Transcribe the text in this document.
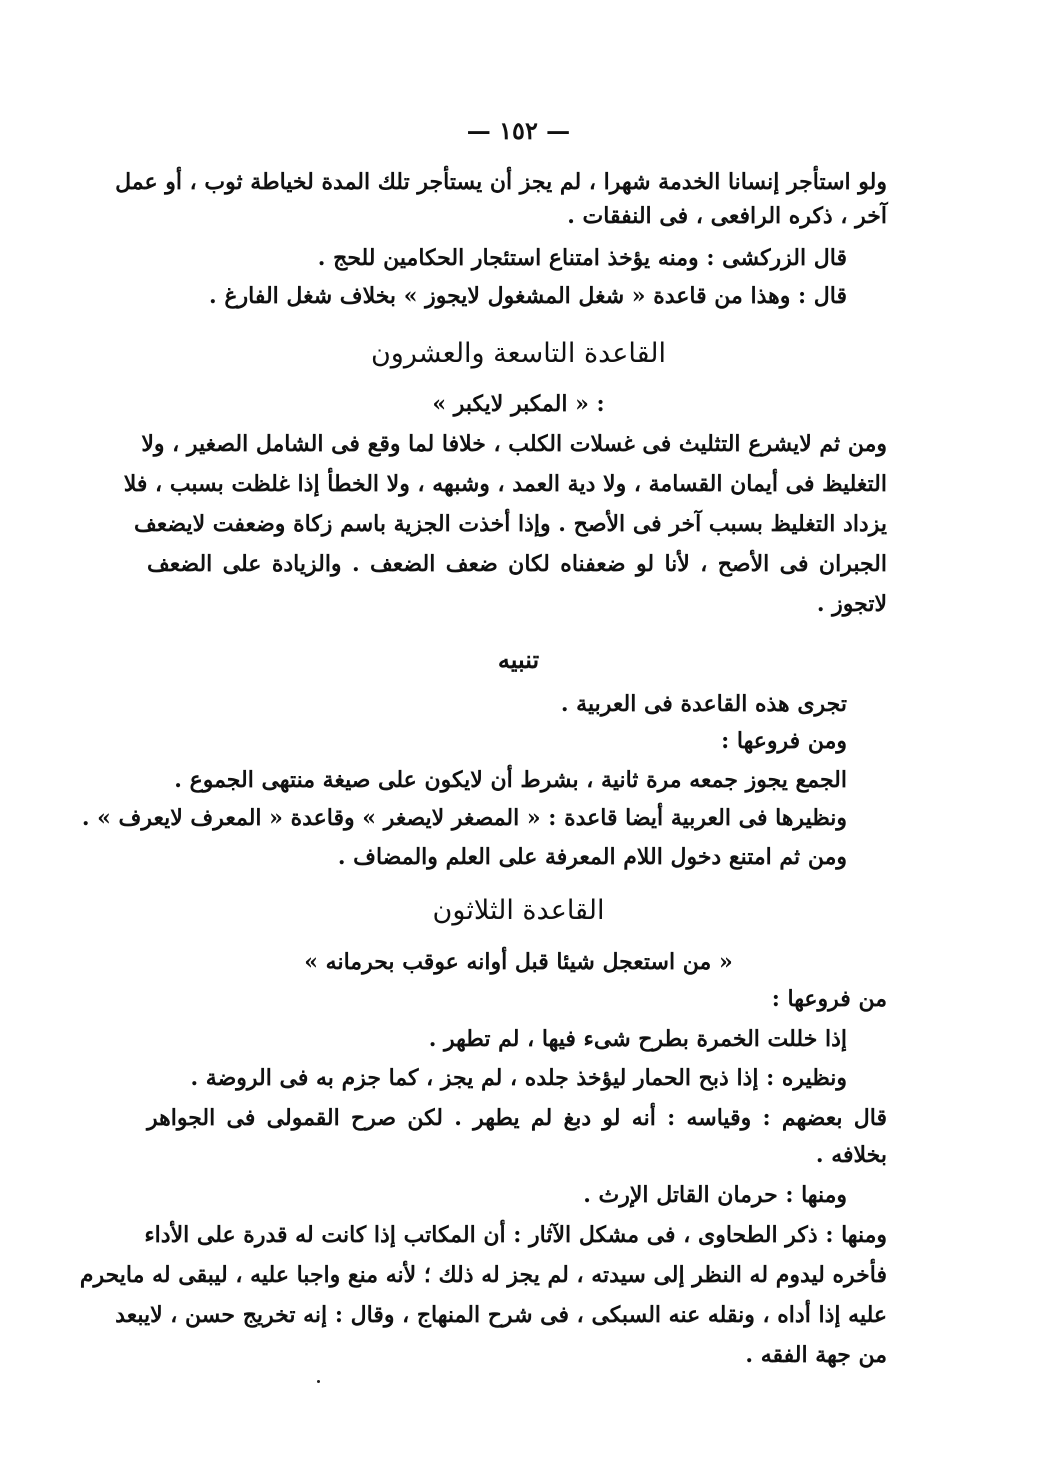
— ١٥٢ —
ولو استأجر إنسانا الخدمة شهرا ، لم يجز أن يستأجر تلك المدة لخياطة ثوب ، أو عمل
آخر ، ذكره الرافعى ، فى النفقات .
قال الزركشى : ومنه يؤخذ امتناع استئجار الحكامين للحج .
قال : وهذا من قاعدة « شغل المشغول لايجوز » بخلاف شغل الفارغ .
القاعدة التاسعة والعشرون
: « المكبر لايكبر »
ومن ثم لايشرع التثليث فى غسلات الكلب ، خلافا لما وقع فى الشامل الصغير ، ولا
التغليظ فى أيمان القسامة ، ولا دية العمد ، وشبهه ، ولا الخطأ إذا غلظت بسبب ، فلا
يزداد التغليظ بسبب آخر فى الأصح . وإذا أخذت الجزية باسم زكاة وضعفت لايضعف
الجبران فى الأصح ، لأنا لو ضعفناه لكان ضعف الضعف . والزيادة على الضعف
لاتجوز .
تنبيه
تجرى هذه القاعدة فى العربية .
ومن فروعها :
الجمع يجوز جمعه مرة ثانية ، بشرط أن لايكون على صيغة منتهى الجموع .
ونظيرها فى العربية أيضا قاعدة : « المصغر لايصغر » وقاعدة « المعرف لايعرف » .
ومن ثم امتنع دخول اللام المعرفة على العلم والمضاف .
القاعدة الثلاثون
« من استعجل شيئا قبل أوانه عوقب بحرمانه »
من فروعها :
إذا خللت الخمرة بطرح شىء فيها ، لم تطهر .
ونظيره : إذا ذبح الحمار ليؤخذ جلده ، لم يجز ، كما جزم به فى الروضة .
قال بعضهم : وقياسه : أنه لو دبغ لم يطهر . لكن صرح القمولى فى الجواهر
بخلافه .
ومنها : حرمان القاتل الإرث .
ومنها : ذكر الطحاوى ، فى مشكل الآثار : أن المكاتب إذا كانت له قدرة على الأداء
فأخره ليدوم له النظر إلى سيدته ، لم يجز له ذلك ؛ لأنه منع واجبا عليه ، ليبقى له مايحرم
عليه إذا أداه ، ونقله عنه السبكى ، فى شرح المنهاج ، وقال : إنه تخريج حسن ، لايبعد
من جهة الفقه .
